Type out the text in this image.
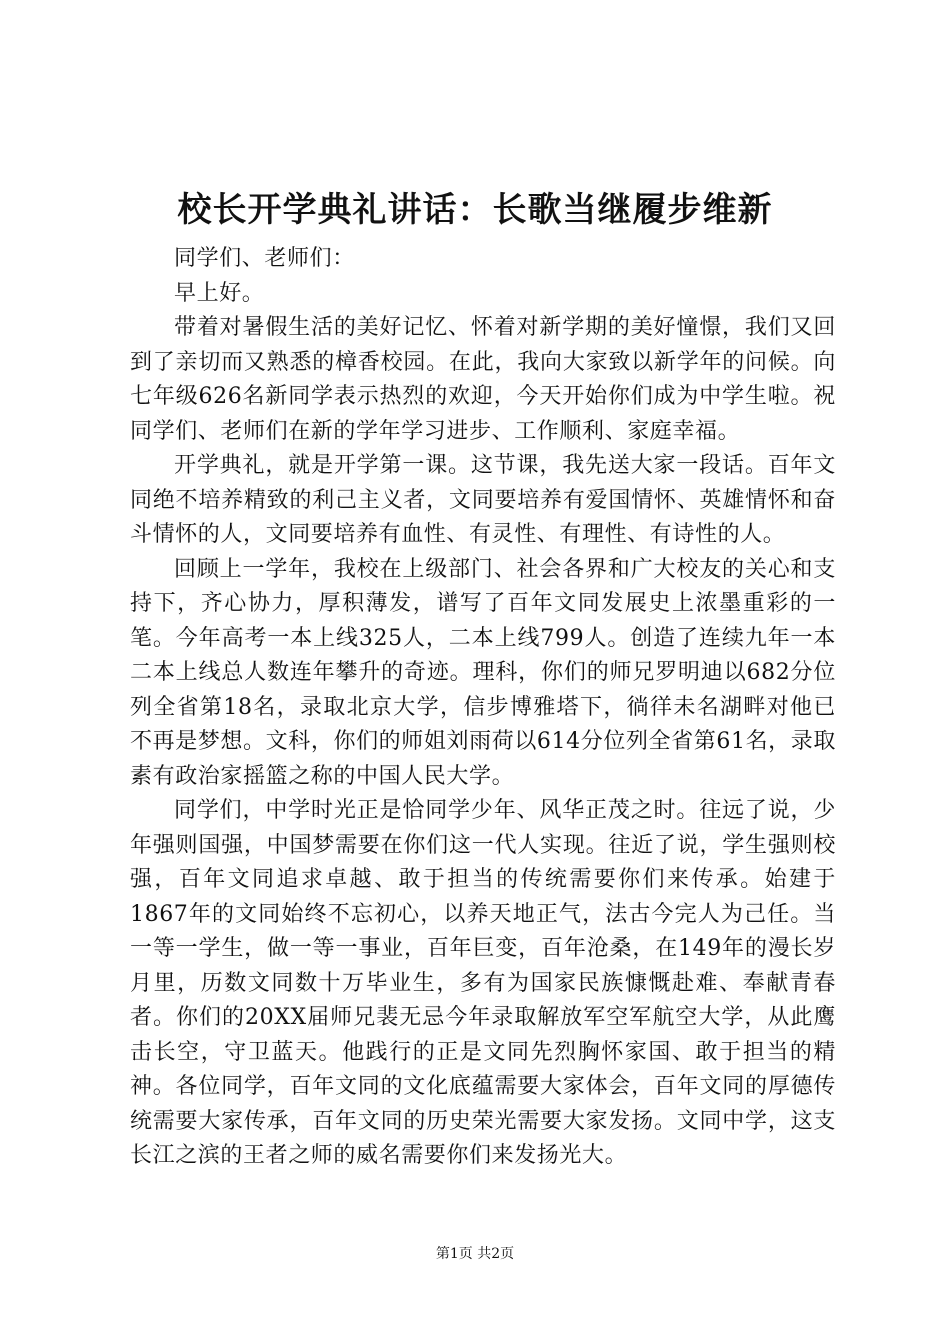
校长开学典礼讲话：长歌当继履步维新

同学们、老师们：

早上好。

带着对暑假生活的美好记忆、怀着对新学期的美好憧憬，我们又回到了亲切而又熟悉的樟香校园。在此，我向大家致以新学年的问候。向七年级626名新同学表示热烈的欢迎，今天开始你们成为中学生啦。祝同学们、老师们在新的学年学习进步、工作顺利、家庭幸福。

开学典礼，就是开学第一课。这节课，我先送大家一段话。百年文同绝不培养精致的利己主义者，文同要培养有爱国情怀、英雄情怀和奋斗情怀的人，文同要培养有血性、有灵性、有理性、有诗性的人。

回顾上一学年，我校在上级部门、社会各界和广大校友的关心和支持下，齐心协力，厚积薄发，谱写了百年文同发展史上浓墨重彩的一笔。今年高考一本上线325人，二本上线799人。创造了连续九年一本二本上线总人数连年攀升的奇迹。理科，你们的师兄罗明迪以682分位列全省第18名，录取北京大学，信步博雅塔下，徜徉未名湖畔对他已不再是梦想。文科，你们的师姐刘雨荷以614分位列全省第61名，录取素有政治家摇篮之称的中国人民大学。

同学们，中学时光正是恰同学少年、风华正茂之时。往远了说，少年强则国强，中国梦需要在你们这一代人实现。往近了说，学生强则校强，百年文同追求卓越、敢于担当的传统需要你们来传承。始建于1867年的文同始终不忘初心，以养天地正气，法古今完人为己任。当一等一学生，做一等一事业，百年巨变，百年沧桑，在149年的漫长岁月里，历数文同数十万毕业生，多有为国家民族慷慨赴难、奉献青春者。你们的20XX届师兄裴无忌今年录取解放军空军航空大学，从此鹰击长空，守卫蓝天。他践行的正是文同先烈胸怀家国、敢于担当的精神。各位同学，百年文同的文化底蕴需要大家体会，百年文同的厚德传统需要大家传承，百年文同的历史荣光需要大家发扬。文同中学，这支长江之滨的王者之师的威名需要你们来发扬光大。

第1页 共2页
